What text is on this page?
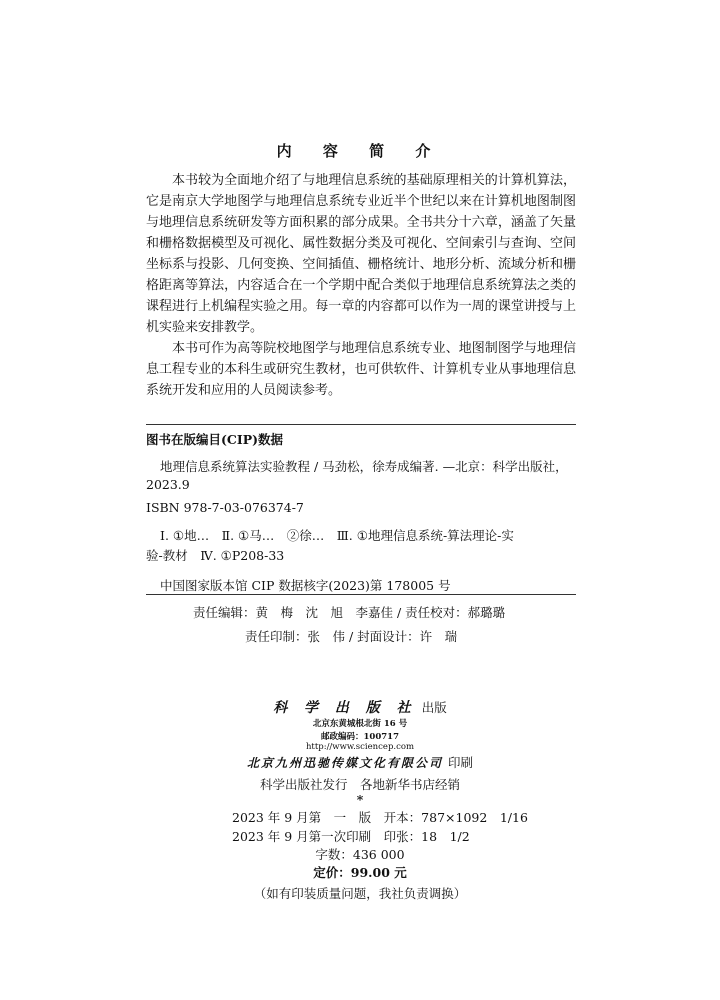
内 容 简 介

本书较为全面地介绍了与地理信息系统的基础原理相关的计算机算法，它是南京大学地图学与地理信息系统专业近半个世纪以来在计算机地图制图与地理信息系统研发等方面积累的部分成果。全书共分十六章，涵盖了矢量和栅格数据模型及可视化、属性数据分类及可视化、空间索引与查询、空间坐标系与投影、几何变换、空间插值、栅格统计、地形分析、流域分析和栅格距离等算法，内容适合在一个学期中配合类似于地理信息系统算法之类的课程进行上机编程实验之用。每一章的内容都可以作为一周的课堂讲授与上机实验来安排教学。

本书可作为高等院校地图学与地理信息系统专业、地图制图学与地理信息工程专业的本科生或研究生教材，也可供软件、计算机专业从事地理信息系统开发和应用的人员阅读参考。

图书在版编目(CIP)数据
地理信息系统算法实验教程 / 马劲松，徐寿成编著. —北京：科学出版社，
2023.9
ISBN 978-7-03-076374-7
Ⅰ. ①地…　Ⅱ. ①马…　②徐…　Ⅲ. ①地理信息系统-算法理论-实
验-教材　Ⅳ. ①P208-33
中国图家版本馆 CIP 数据核字(2023)第 178005 号
责任编辑：黄　梅　沈　旭　李嘉佳 / 责任校对：郝璐璐
责任印制：张　伟 / 封面设计：许　瑞
科 学 出 版 社 出版
北京东黄城根北街 16 号
邮政编码：100717
http://www.sciencep.com
北京九州迅驰传媒文化有限公司 印刷
科学出版社发行　各地新华书店经销
*
2023 年 9 月第　一　版　开本：787×1092　1/16
2023 年 9 月第一次印刷　印张：18　1/2
字数：436 000
定价：99.00 元
（如有印装质量问题，我社负责调换）
